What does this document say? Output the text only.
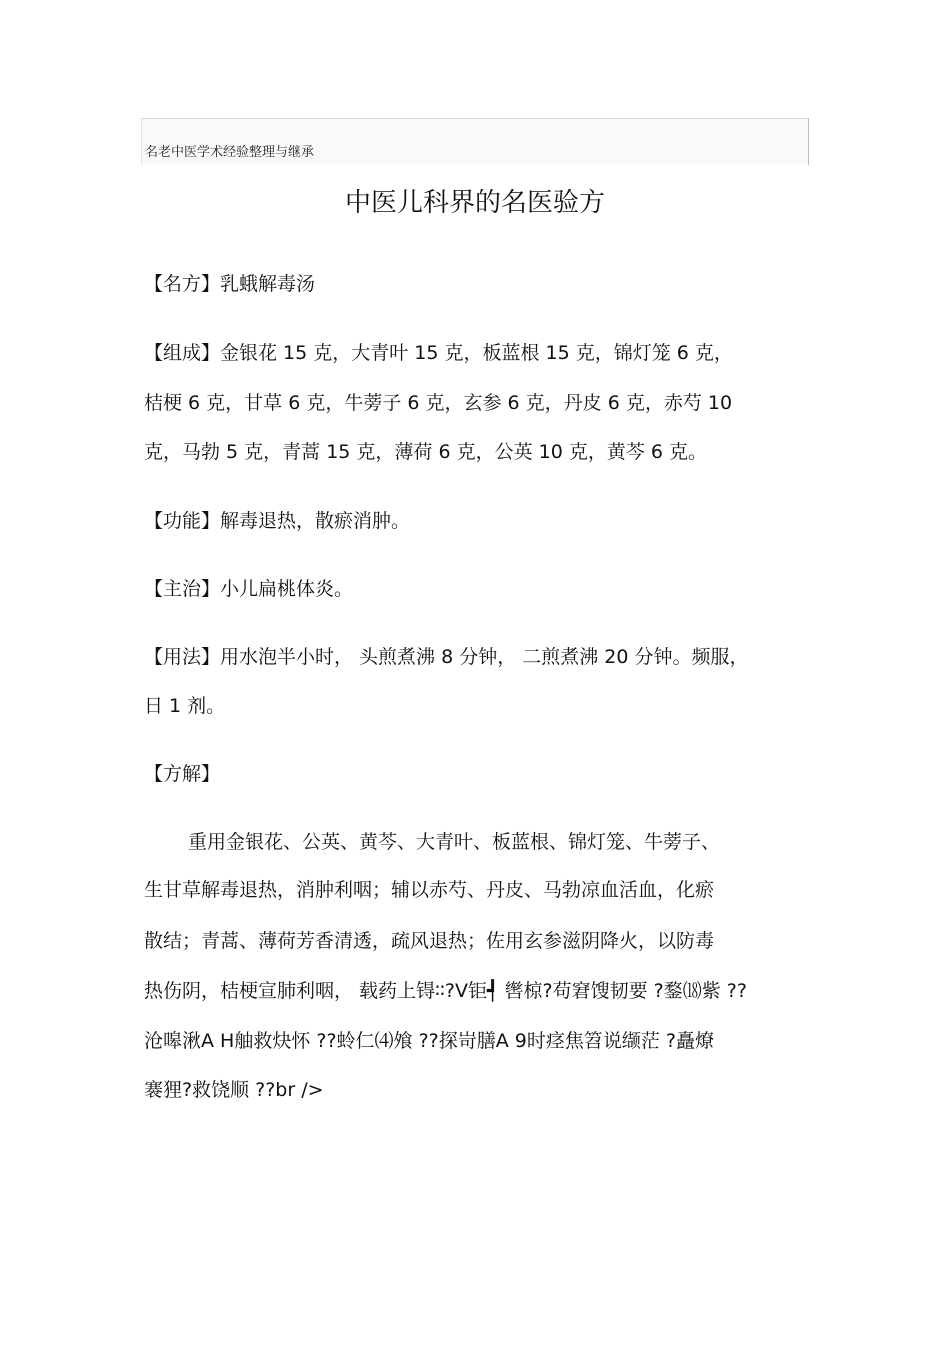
名老中医学术经验整理与继承
中医儿科界的名医验方
【名方】乳蛾解毒汤
【组成】金银花 15 克，大青叶 15 克，板蓝根 15 克，锦灯笼 6 克，
桔梗 6 克，甘草 6 克，牛蒡子 6 克，玄参 6 克，丹皮 6 克，赤芍 10
克，马勃 5 克，青蒿 15 克，薄荷 6 克，公英 10 克，黄芩 6 克。
【功能】解毒退热，散瘀消肿。
【主治】小儿扁桃体炎。
【用法】用水泡半小时， 头煎煮沸 8 分钟， 二煎煮沸 20 分钟。频服，
日 1 剂。
【方解】
重用金银花、公英、黄芩、大青叶、板蓝根、锦灯笼、牛蒡子、
生甘草解毒退热，消肿利咽；辅以赤芍、丹皮、马勃凉血活血，化瘀
散结；青蒿、薄荷芳香清透，疏风退热；佐用玄参滋阴降火，以防毒
热伤阴，桔梗宣肺利咽， 载药上锝∶∶?Ⅴ钜┩ 辔椋?苟窘馊韧要 ?鍪⒅紫 ??
沧嗥湫A H舳救炔怀 ??蛉仁⑷飧 ??探岢膳A 9时痉焦笤说缬茫 ?矗燎
褰狸?救饶顺 ??br />
